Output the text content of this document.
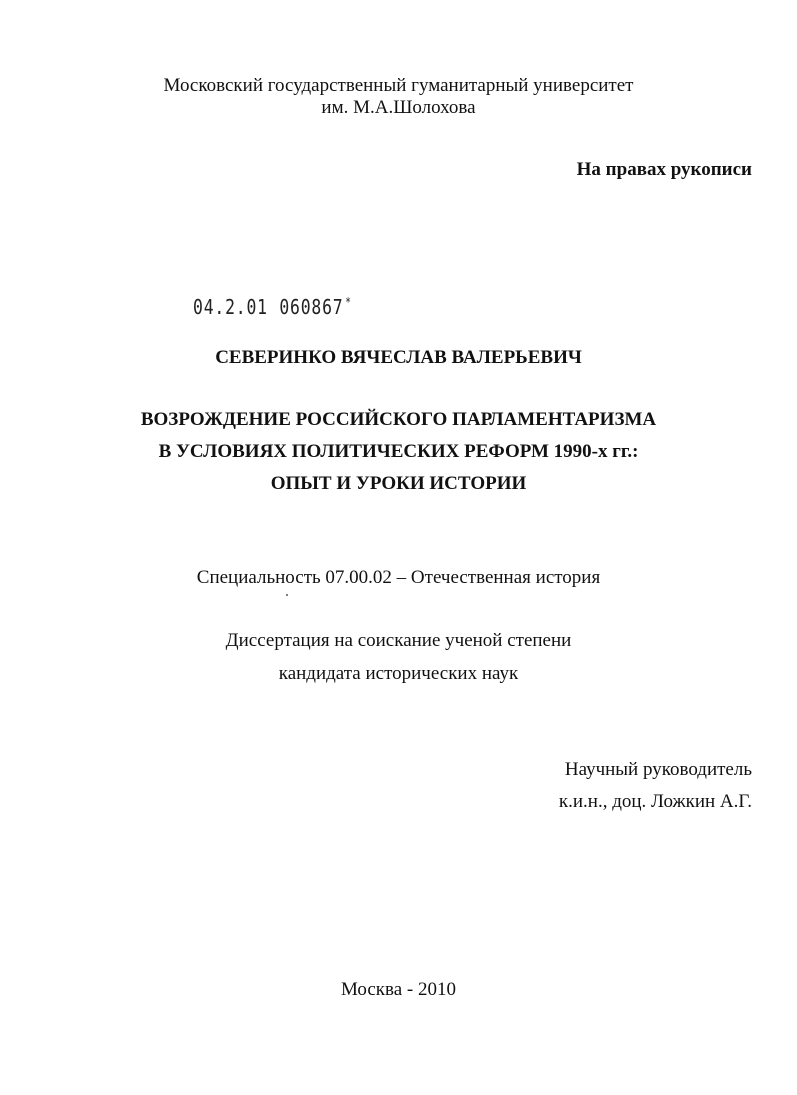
Московский государственный гуманитарный университет
им. М.А.Шолохова
На правах рукописи
04.2.01 060867 *
СЕВЕРИНКО ВЯЧЕСЛАВ ВАЛЕРЬЕВИЧ
ВОЗРОЖДЕНИЕ РОССИЙСКОГО ПАРЛАМЕНТАРИЗМА
В УСЛОВИЯХ ПОЛИТИЧЕСКИХ РЕФОРМ 1990-х гг.:
ОПЫТ И УРОКИ ИСТОРИИ
Специальность 07.00.02 – Отечественная история
Диссертация на соискание ученой степени
кандидата исторических наук
Научный руководитель
к.и.н., доц. Ложкин А.Г.
Москва - 2010
